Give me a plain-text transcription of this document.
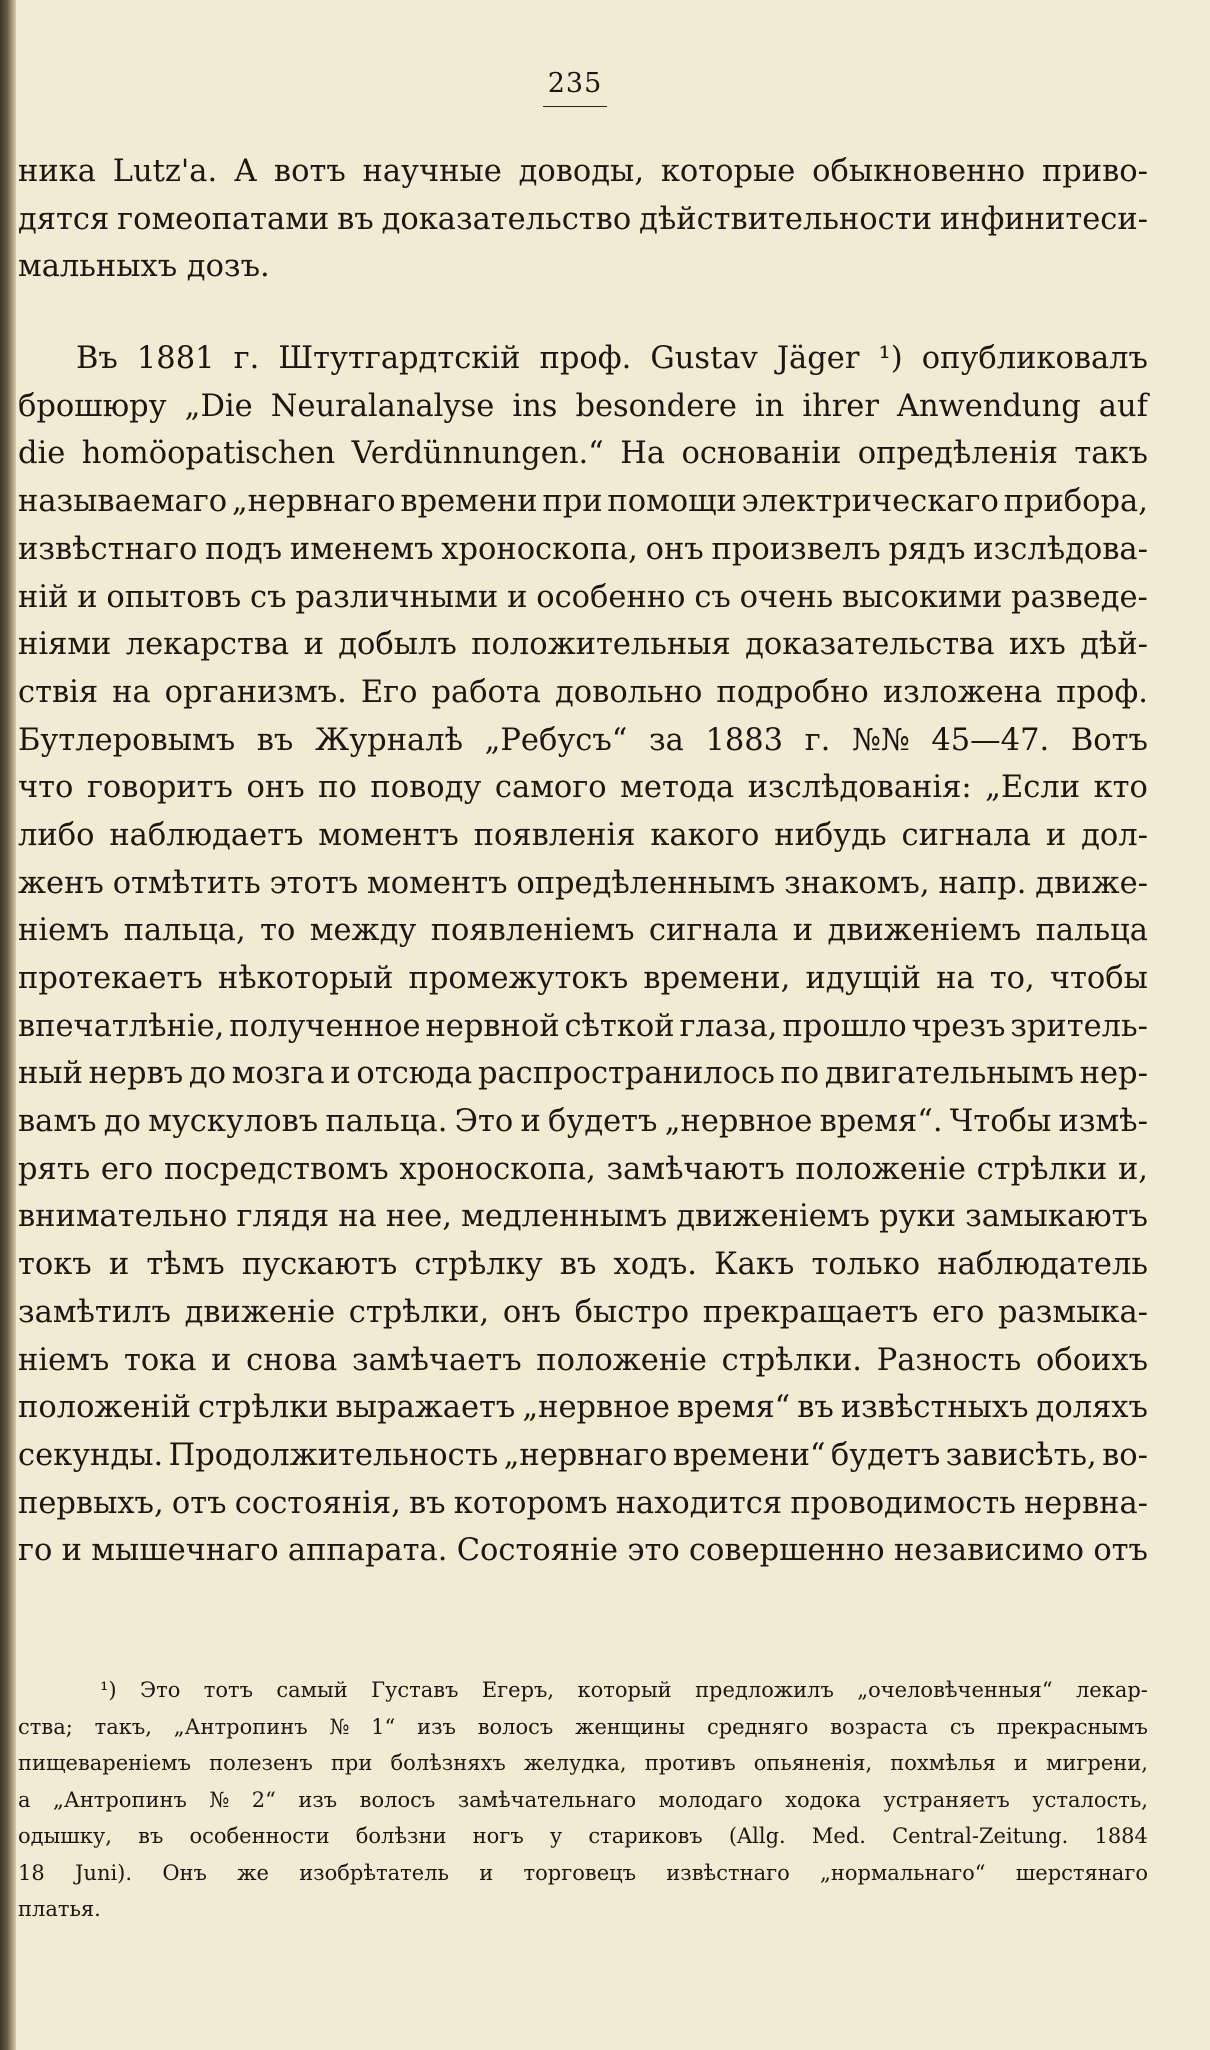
235
ника Lutz'a. А вотъ научные доводы, которые обыкновенно приво-
дятся гомеопатами въ доказательство дѣйствительности инфинитеси-
мальныхъ дозъ.
Въ 1881 г. Штутгардтскій проф. Gustav Jäger ¹) опубликовалъ
брошюру „Die Neuralanalyse ins besondere in ihrer Anwendung auf
die homöopatischen Verdünnungen.“ На основаніи опредѣленія такъ
называемаго „нервнаго времени при помощи электрическаго прибора,
извѣстнаго подъ именемъ хроноскопа, онъ произвелъ рядъ изслѣдова-
ній и опытовъ съ различными и особенно съ очень высокими разведе-
ніями лекарства и добылъ положительныя доказательства ихъ дѣй-
ствія на организмъ. Его работа довольно подробно изложена проф.
Бутлеровымъ въ Журналѣ „Ребусъ“ за 1883 г. №№ 45—47. Вотъ
что говоритъ онъ по поводу самого метода изслѣдованія: „Если кто
либо наблюдаетъ моментъ появленія какого нибудь сигнала и дол-
женъ отмѣтить этотъ моментъ опредѣленнымъ знакомъ, напр. движе-
ніемъ пальца, то между появленіемъ сигнала и движеніемъ пальца
протекаетъ нѣкоторый промежутокъ времени, идущій на то, чтобы
впечатлѣніе, полученное нервной сѣткой глаза, прошло чрезъ зритель-
ный нервъ до мозга и отсюда распространилось по двигательнымъ нер-
вамъ до мускуловъ пальца. Это и будетъ „нервное время“. Чтобы измѣ-
рять его посредствомъ хроноскопа, замѣчаютъ положеніе стрѣлки и,
внимательно глядя на нее, медленнымъ движеніемъ руки замыкаютъ
токъ и тѣмъ пускаютъ стрѣлку въ ходъ. Какъ только наблюдатель
замѣтилъ движеніе стрѣлки, онъ быстро прекращаетъ его размыка-
ніемъ тока и снова замѣчаетъ положеніе стрѣлки. Разность обоихъ
положеній стрѣлки выражаетъ „нервное время“ въ извѣстныхъ доляхъ
секунды. Продолжительность „нервнаго времени“ будетъ зависѣть, во-
первыхъ, отъ состоянія, въ которомъ находится проводимость нервна-
го и мышечнаго аппарата. Состояніе это совершенно независимо отъ
¹) Это тотъ самый Густавъ Егеръ, который предложилъ „очеловѣченныя“ лекар-
ства; такъ, „Антропинъ № 1“ изъ волосъ женщины средняго возраста съ прекраснымъ
пищевареніемъ полезенъ при болѣзняхъ желудка, противъ опьяненія, похмѣлья и мигрени,
а „Антропинъ № 2“ изъ волосъ замѣчательнаго молодаго ходока устраняетъ усталость,
одышку, въ особенности болѣзни ногъ у стариковъ (Allg. Med. Central-Zeitung. 1884
18 Juni). Онъ же изобрѣтатель и торговецъ извѣстнаго „нормальнаго“ шерстянаго
платья.
